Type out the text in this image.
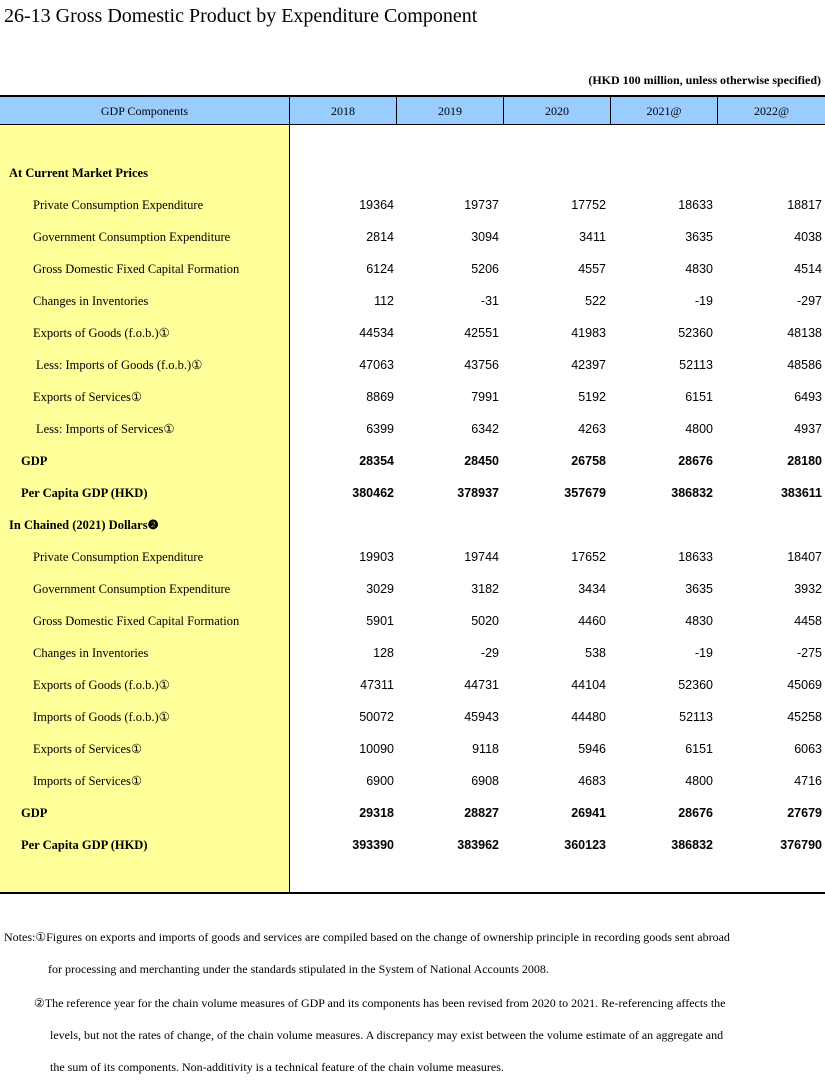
26-13 Gross Domestic Product by Expenditure Component
(HKD 100 million, unless otherwise specified)
GDP Components	2018	2019	2020	2021@	2022@
At Current Market Prices
Private Consumption Expenditure	19364	19737	17752	18633	18817
Government Consumption Expenditure	2814	3094	3411	3635	4038
Gross Domestic Fixed Capital Formation	6124	5206	4557	4830	4514
Changes in Inventories	112	-31	522	-19	-297
Exports of Goods (f.o.b.)①	44534	42551	41983	52360	48138
Less: Imports of Goods (f.o.b.)①	47063	43756	42397	52113	48586
Exports of Services①	8869	7991	5192	6151	6493
Less: Imports of Services①	6399	6342	4263	4800	4937
GDP	28354	28450	26758	28676	28180
Per Capita GDP (HKD)	380462	378937	357679	386832	383611
In Chained (2021) Dollars❷
Private Consumption Expenditure	19903	19744	17652	18633	18407
Government Consumption Expenditure	3029	3182	3434	3635	3932
Gross Domestic Fixed Capital Formation	5901	5020	4460	4830	4458
Changes in Inventories	128	-29	538	-19	-275
Exports of Goods (f.o.b.)①	47311	44731	44104	52360	45069
Imports of Goods (f.o.b.)①	50072	45943	44480	52113	45258
Exports of Services①	10090	9118	5946	6151	6063
Imports of Services①	6900	6908	4683	4800	4716
GDP	29318	28827	26941	28676	27679
Per Capita GDP (HKD)	393390	383962	360123	386832	376790
Notes:①Figures on exports and imports of goods and services are compiled based on the change of ownership principle in recording goods sent abroad
for processing and merchanting under the standards stipulated in the System of National Accounts 2008.
②The reference year for the chain volume measures of GDP and its components has been revised from 2020 to 2021. Re-referencing affects the
levels, but not the rates of change, of the chain volume measures. A discrepancy may exist between the volume estimate of an aggregate and
the sum of its components. Non-additivity is a technical feature of the chain volume measures.
